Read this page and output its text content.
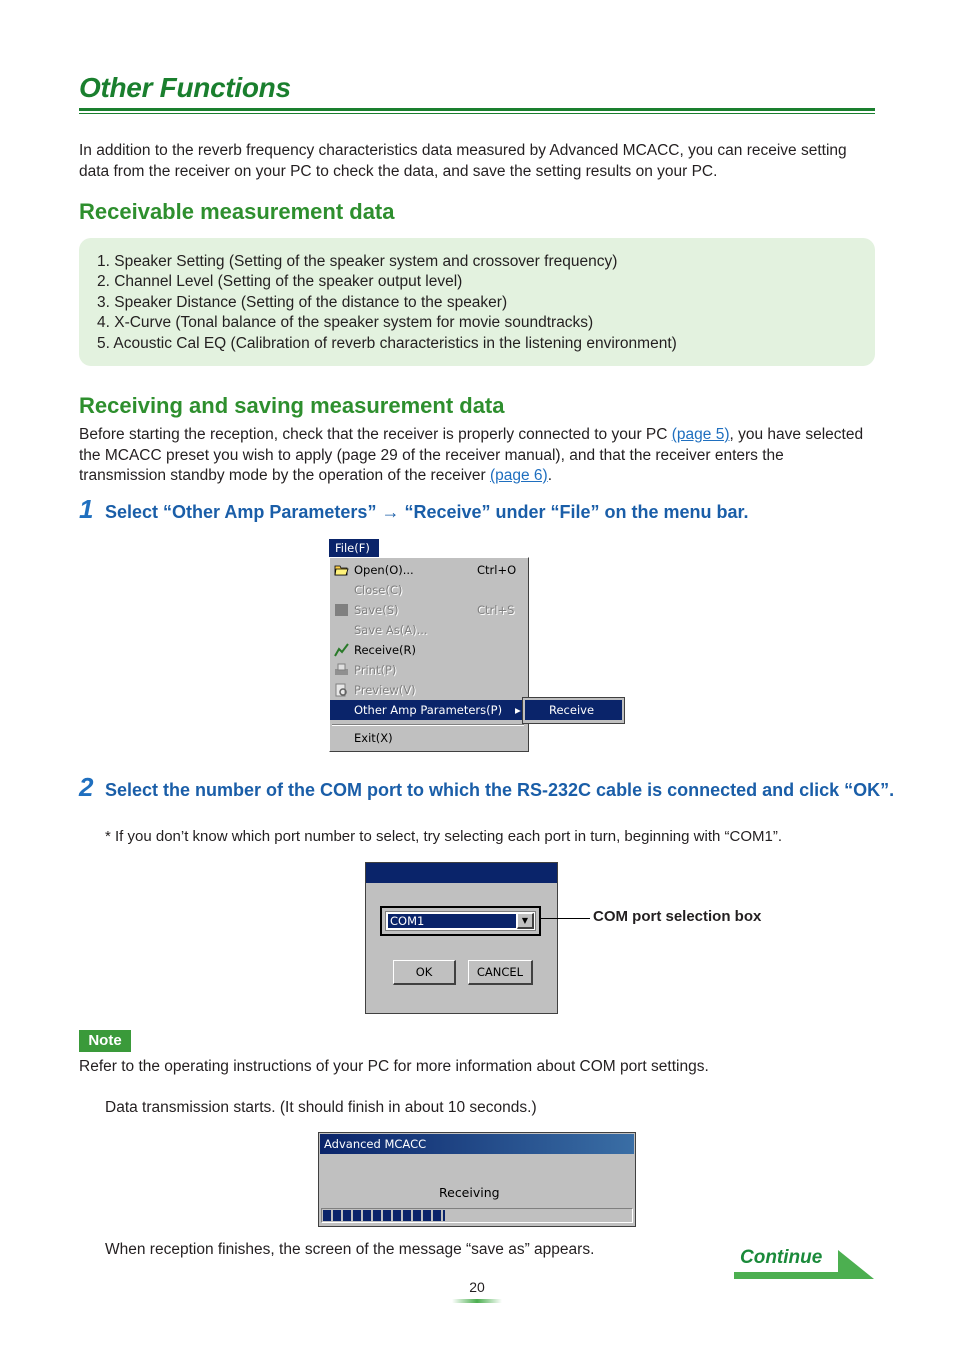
Other Functions
In addition to the reverb frequency characteristics data measured by Advanced MCACC, you can receive setting data from the receiver on your PC to check the data, and save the setting results on your PC.
Receivable measurement data
1. Speaker Setting (Setting of the speaker system and crossover frequency)
2. Channel Level (Setting of the speaker output level)
3. Speaker Distance (Setting of the distance to the speaker)
4. X-Curve (Tonal balance of the speaker system for movie soundtracks)
5. Acoustic Cal EQ (Calibration of reverb characteristics in the listening environment)
Receiving and saving measurement data
Before starting the reception, check that the receiver is properly connected to your PC (page 5), you have selected the MCACC preset you wish to apply (page 29 of the receiver manual), and that the receiver enters the transmission standby mode by the operation of the receiver (page 6).
1 Select “Other Amp Parameters” → “Receive” under “File” on the menu bar.
File(F)
Open(O)...	Ctrl+O
Close(C)
Save(S)	Ctrl+S
Save As(A)...
Receive(R)
Print(P)
Preview(V)
Other Amp Parameters(P) ▸
Exit(X)
Receive
2 Select the number of the COM port to which the RS-232C cable is connected and click “OK”.
* If you don’t know which port number to select, try selecting each port in turn, beginning with “COM1”.
COM1	▼
OK	CANCEL
COM port selection box
Note
Refer to the operating instructions of your PC for more information about COM port settings.
Data transmission starts. (It should finish in about 10 seconds.)
Advanced MCACC
Receiving
When reception finishes, the screen of the message “save as” appears.	Continue
20
